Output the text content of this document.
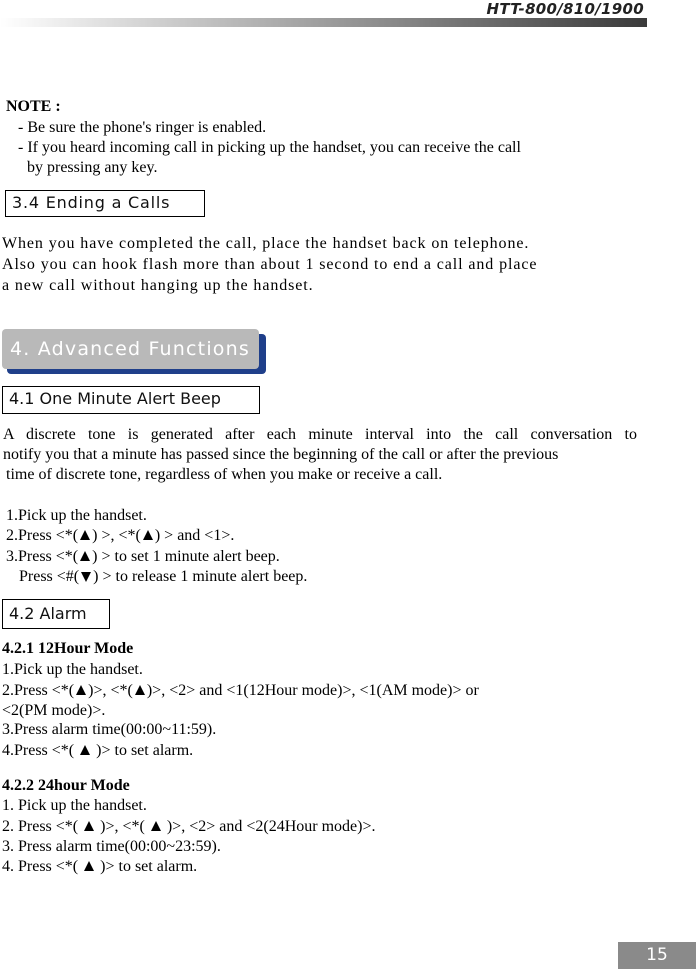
HTT-800/810/1900
NOTE :
- Be sure the phone's ringer is enabled.
- If you heard incoming call in picking up the handset, you can receive the call
by pressing any key.
3.4 Ending a Calls
When you have completed the call, place the handset back on telephone.
Also you can hook flash more than about 1 second to end a call and place
a new call without hanging up the handset.
4. Advanced Functions
4.1 One Minute Alert Beep
A discrete tone is generated after each minute interval into the call conversation to
notify you that a minute has passed since the beginning of the call or after the previous
time of discrete tone, regardless of when you make or receive a call.
1.Pick up the handset.
2.Press <*( ) >, <*( ) > and <1>.
3.Press <*( ) > to set 1 minute alert beep.
Press <#( ) > to release 1 minute alert beep.
4.2 Alarm
4.2.1 12Hour Mode
1.Pick up the handset.
2.Press <*( )>, <*( )>, <2> and <1(12Hour mode)>, <1(AM mode)> or
<2(PM mode)>.
3.Press alarm time(00:00~11:59).
4.Press <*(  )> to set alarm.
4.2.2 24hour Mode
1. Pick up the handset.
2. Press <*(  )>, <*(  )>, <2> and <2(24Hour mode)>.
3. Press alarm time(00:00~23:59).
4. Press <*(  )> to set alarm.
15
